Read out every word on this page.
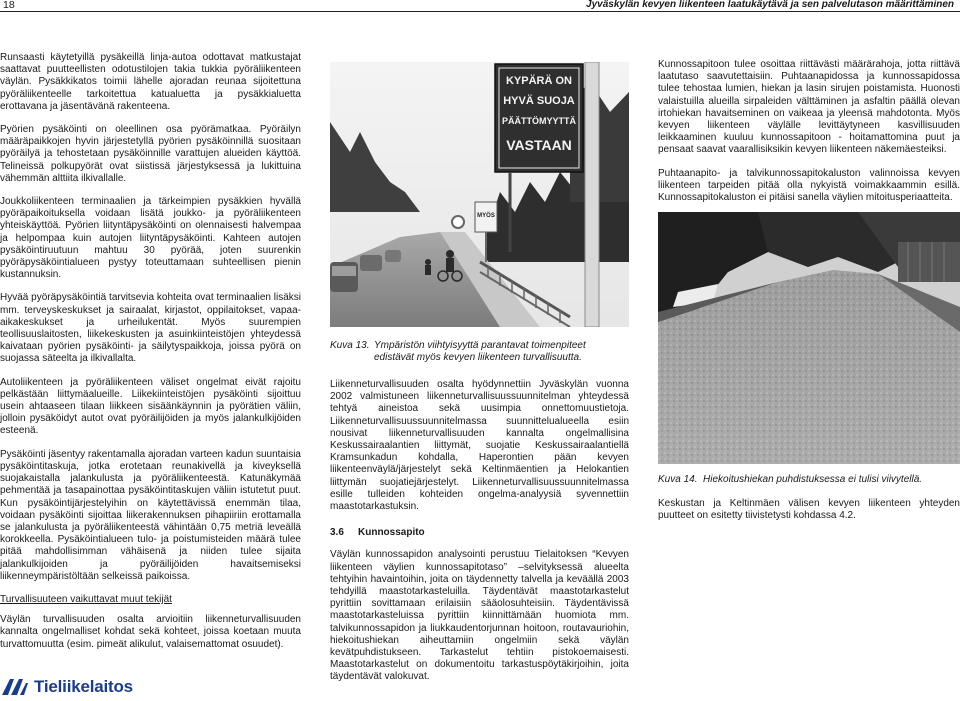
18	Jyväskylän kevyen liikenteen laatukäytävä ja sen palvelutason määrittäminen

Runsaasti käytetyillä pysäkeillä linja-autoa odottavat matkustajat saattavat puutteellisten odotustilojen takia tukkia pyöräliikenteen väylän. Pysäkkikatos toimii lähelle ajoradan reunaa sijoitettuna pyöräliikenteelle tarkoitettua katualuetta ja pysäkkialuetta erottavana ja jäsentävänä rakenteena.

Pyörien pysäköinti on oleellinen osa pyörämatkaa. Pyöräilyn määräpaikkojen hyvin järjestetyllä pyörien pysäköinnillä suositaan pyöräilyä ja tehostetaan pysäköinnille varattujen alueiden käyttöä. Telineissä polkupyörät ovat siistissä järjestyksessä ja lukittuina vähemmän alttiita ilkivallalle.

Joukkoliikenteen terminaalien ja tärkeimpien pysäkkien hyvällä pyöräpaikoituksella voidaan lisätä joukko- ja pyöräliikenteen yhteiskäyttöä. Pyörien liityntäpysäköinti on olennaisesti halvempaa ja helpompaa kuin autojen liityntäpysäköinti. Kahteen autojen pysäköintiruutuun mahtuu 30 pyörää, joten suurenkin pyöräpysäköintialueen pystyy toteuttamaan suhteellisen pienin kustannuksin.

Hyvää pyöräpysäköintiä tarvitsevia kohteita ovat terminaalien lisäksi mm. terveyskeskukset ja sairaalat, kirjastot, oppilaitokset, vapaa-aikakeskukset ja urheilukentät. Myös suurempien teollisuuslaitosten, liikekeskusten ja asuinkiinteistöjen yhteydessä kaivataan pyörien pysäköinti- ja säilytyspaikkoja, joissa pyörä on suojassa säteelta ja ilkivallalta.

Autoliikenteen ja pyöräliikenteen väliset ongelmat eivät rajoitu pelkästään liittymäalueille. Liikekiinteistöjen pysäköinti sijoittuu usein ahtaaseen tilaan liikkeen sisäänkäynnin ja pyörätien väliin, jolloin pysäköidyt autot ovat pyöräilijöiden ja myös jalankulkijöiden esteenä.

Pysäköinti jäsentyy rakentamalla ajoradan varteen kadun suuntaisia pysäköintitaskuja, jotka erotetaan reunakivellä ja kiveyksellä suojakaistalla jalankulusta ja pyöräliikenteestä. Katunäkymää pehmentää ja tasapainottaa pysäköintitaskujen väliin istutetut puut. Kun pysäköintijärjestelyihin on käytettävissä enemmän tilaa, voidaan pysäköinti sijoittaa liikerakennuksen pihapiiriin erottamalla se jalankulusta ja pyöräliikenteestä vähintään 0,75 metriä leveällä korokkeella. Pysäköintialueen tulo- ja poistumisteiden määrä tulee pitää mahdollisimman vähäisenä ja niiden tulee sijaita jalankulkijoiden ja pyöräilijöiden havaitsemiseksi liikenneympäristöltään selkeissä paikoissa.

Turvallisuuteen vaikuttavat muut tekijät

Väylän turvallisuuden osalta arvioitiin liikenneturvallisuuden kannalta ongelmalliset kohdat sekä kohteet, joissa koetaan muuta turvattomuutta (esim. pimeät alikulut, valaisemattomat osuudet).

MYÖS
KYPÄRÄ ON
HYVÄ SUOJA
PÄÄTTÖMYYTTÄ
VASTAAN
Kuva 13. Ympäristön viihtyisyyttä parantavat toimenpiteet edistävät myös kevyen liikenteen turvallisuutta.

Liikenneturvallisuuden osalta hyödynnettiin Jyväskylän vuonna 2002 valmistuneen liikenneturvallisuussuunnitelman yhteydessä tehtyä aineistoa sekä uusimpia onnettomuustietoja. Liikenneturvallisuussuunnitelmassa suunnittelualueella esiin nousivat liikenneturvallisuuden kannalta ongelmallisina Keskussairaalantien liittymät, suojatie Keskussairaalantiellä Kramsunkadun kohdalla, Haperontien pään kevyen liikenteenväylä/järjestelyt sekä Keltinmäentien ja Helokantien liittymän suojatiejärjestelyt. Liikenneturvallisuussuunnitelmassa esille tulleiden kohteiden ongelma-analyysiä syvennettiin maastotarkastuksin.

3.6 Kunnossapito

Väylän kunnossapidon analysointi perustuu Tielaitoksen “Kevyen liikenteen väylien kunnossapitotaso” –selvityksessä alueelta tehtyihin havaintoihin, joita on täydennetty talvella ja keväällä 2003 tehdyillä maastotarkasteluilla. Täydentävät maastotarkastelut pyrittiin sovittamaan erilaisiin sääolosuhteisiin. Täydentävissä maastotarkasteluissa pyrittiin kiinnittämään huomiota mm. talvikunnossapidon ja liukkaudentorjunnan hoitoon, routavauriohin, hiekoitushiekan aiheuttamiin ongelmiin sekä väylän kevätpuhdistukseen. Tarkastelut tehtiin pistokoemaisesti. Maastotarkastelut on dokumentoitu tarkastuspöytäkirjoihin, joita täydentävät valokuvat.

Kunnossapitoon tulee osoittaa riittävästi määrärahoja, jotta riittävä laatutaso saavutettaisiin. Puhtaanapidossa ja kunnossapidossa tulee tehostaa lumien, hiekan ja lasin sirujen poistamista. Huonosti valaistuilla alueilla sirpaleiden välttäminen ja asfaltin päällä olevan irtohiekan havaitseminen on vaikeaa ja yleensä mahdotonta. Myös kevyen liikenteen väylälle levittäytyneen kasvillisuuden leikkaaminen kuuluu kunnossapitoon - hoitamattomina puut ja pensaat saavat vaarallisiksikin kevyen liikenteen näkemäesteiksi.

Puhtaanapito- ja talvikunnossapitokaluston valinnoissa kevyen liikenteen tarpeiden pitää olla nykyistä voimakkaammin esillä. Kunnossapitokaluston ei pitäisi sanella väylien mitoitusperiaatteita.

Kuva 14. Hiekoitushiekan puhdistuksessa ei tulisi viivytellä.

Keskustan ja Keltinmäen välisen kevyen liikenteen yhteyden puutteet on esitetty tiivistetysti kohdassa 4.2.

Tieliikelaitos
